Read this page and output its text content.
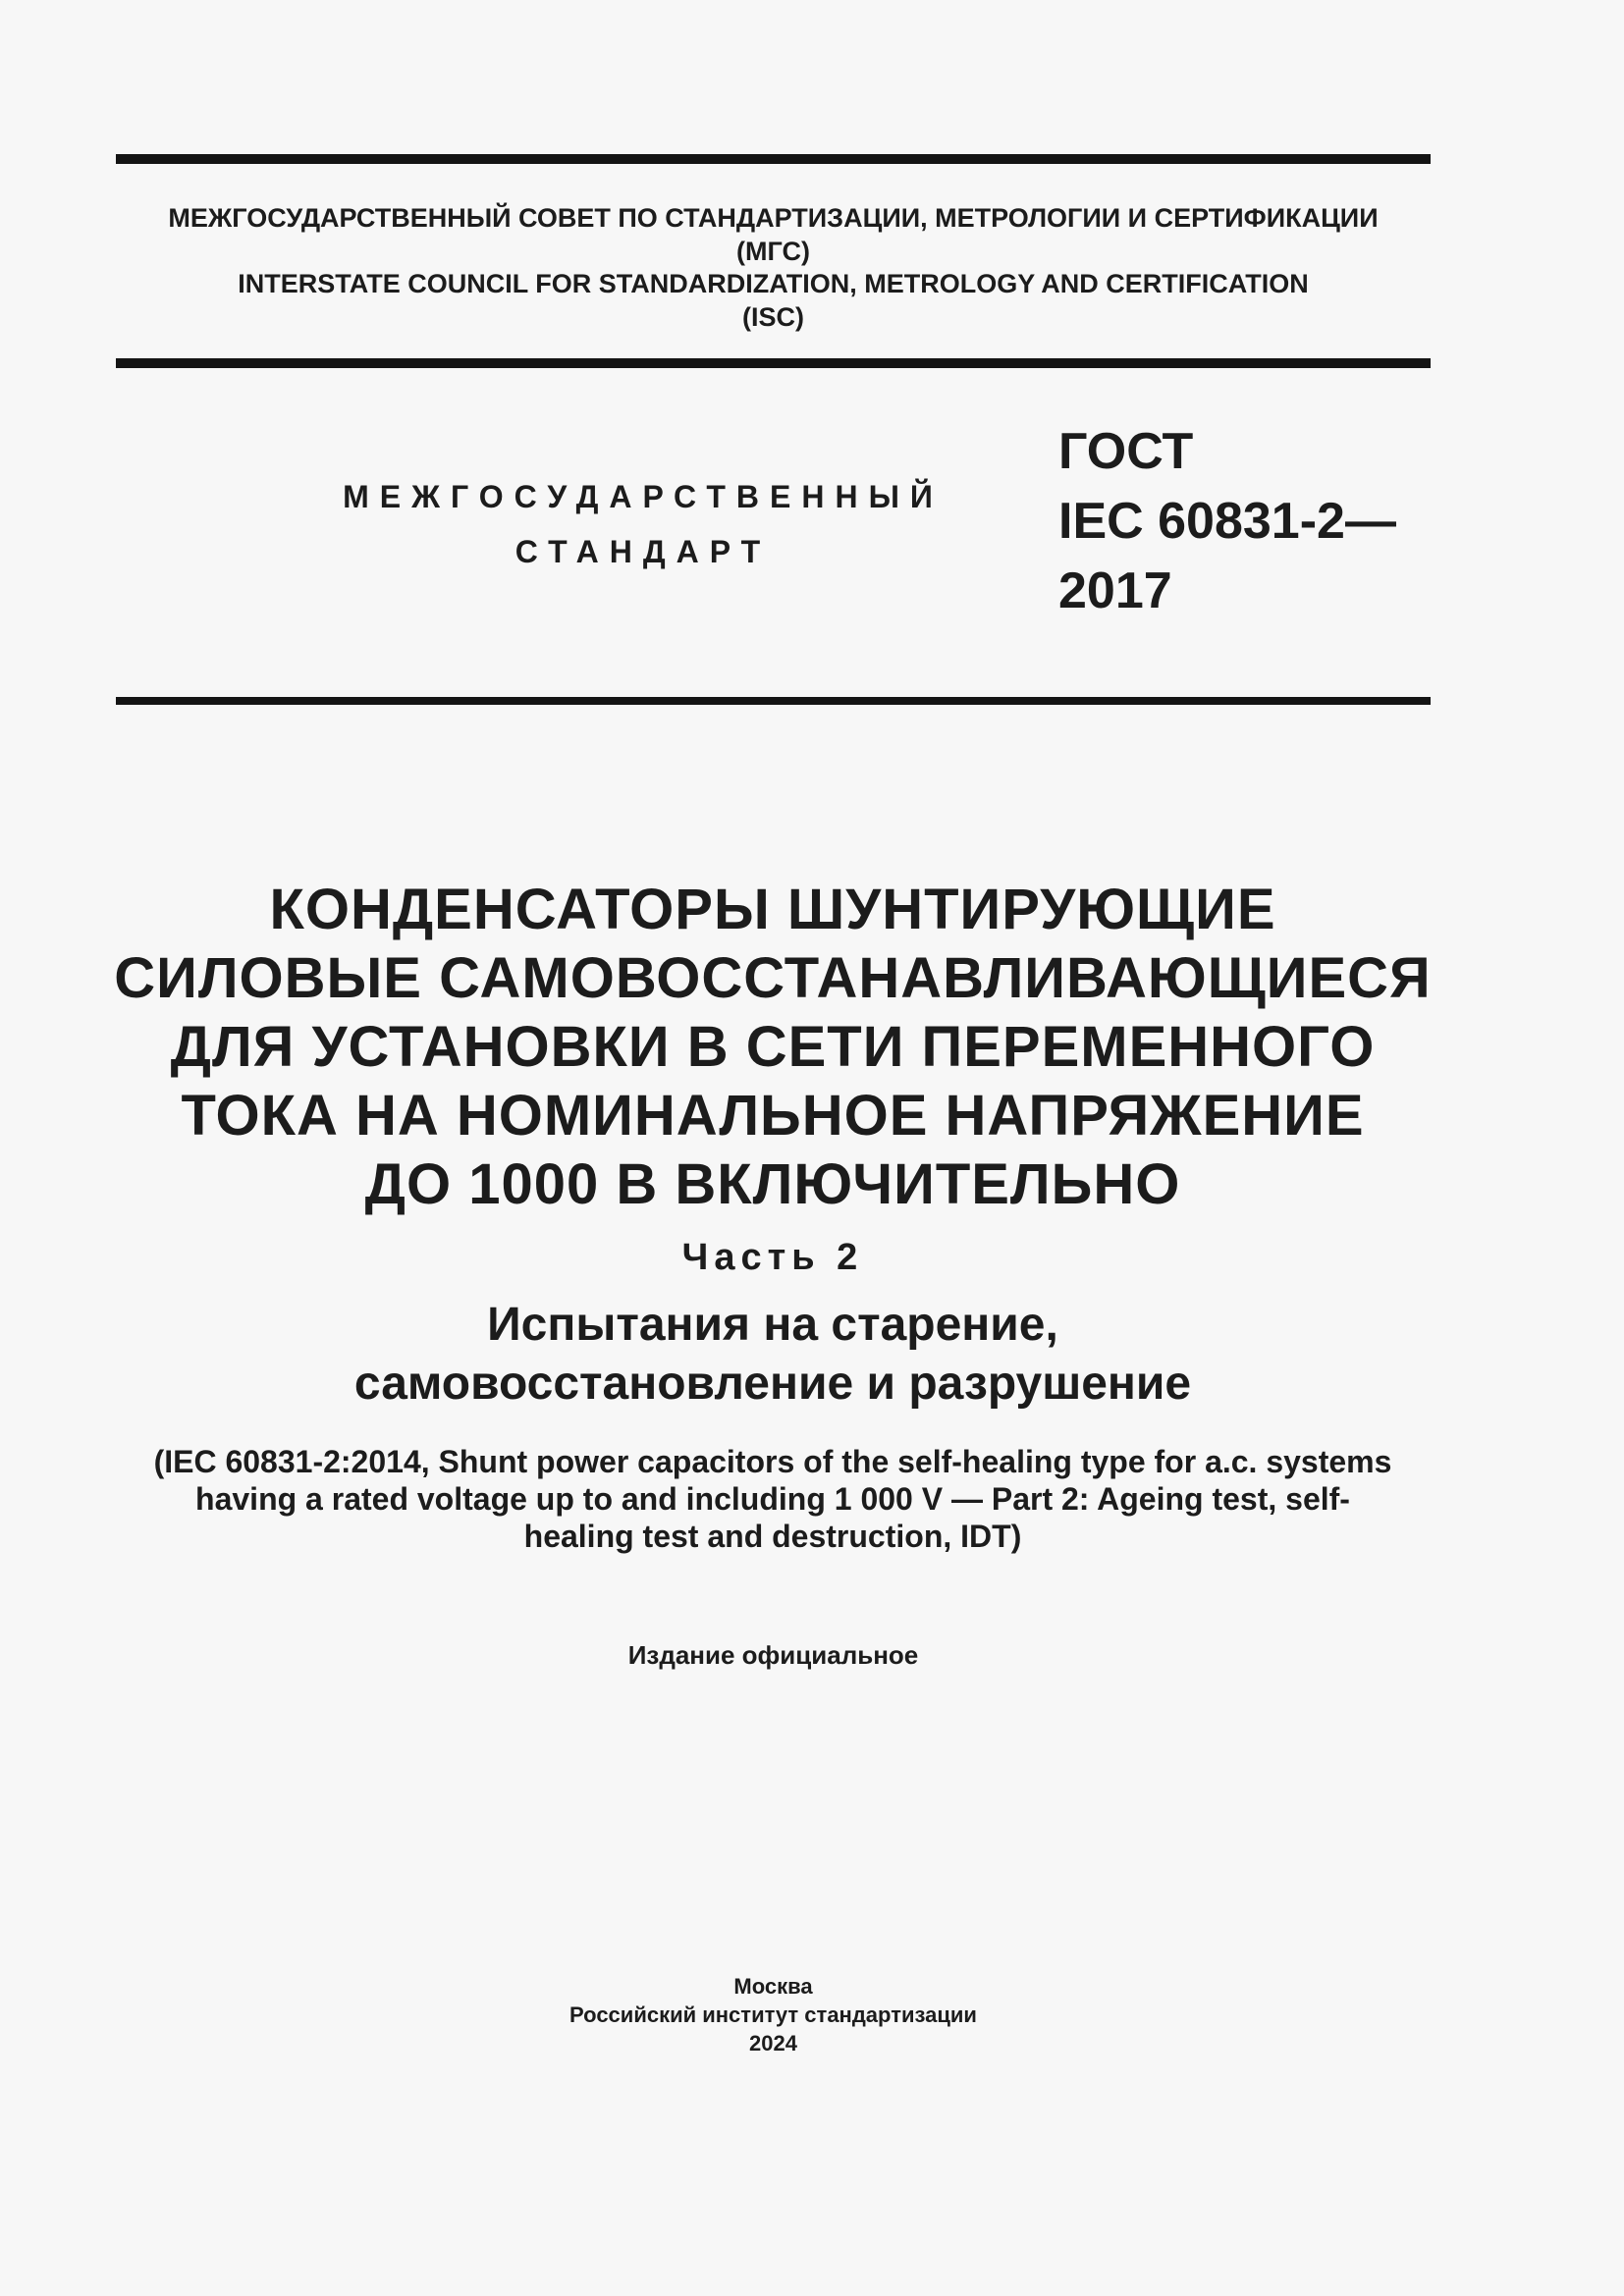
МЕЖГОСУДАРСТВЕННЫЙ СОВЕТ ПО СТАНДАРТИЗАЦИИ, МЕТРОЛОГИИ И СЕРТИФИКАЦИИ
(МГС)
INTERSTATE COUNCIL FOR STANDARDIZATION, METROLOGY AND CERTIFICATION
(ISC)
МЕЖГОСУДАРСТВЕННЫЙ
СТАНДАРТ
ГОСТ
IEC 60831-2—
2017
КОНДЕНСАТОРЫ ШУНТИРУЮЩИЕ
СИЛОВЫЕ САМОВОССТАНАВЛИВАЮЩИЕСЯ
ДЛЯ УСТАНОВКИ В СЕТИ ПЕРЕМЕННОГО
ТОКА НА НОМИНАЛЬНОЕ НАПРЯЖЕНИЕ
ДО 1000 В ВКЛЮЧИТЕЛЬНО
Часть 2
Испытания на старение,
самовосстановление и разрушение
(IEC 60831-2:2014, Shunt power capacitors of the self-healing type for a.c. systems
having a rated voltage up to and including 1 000 V — Part 2: Ageing test, self-
healing test and destruction, IDT)
Издание официальное
Москва
Российский институт стандартизации
2024
